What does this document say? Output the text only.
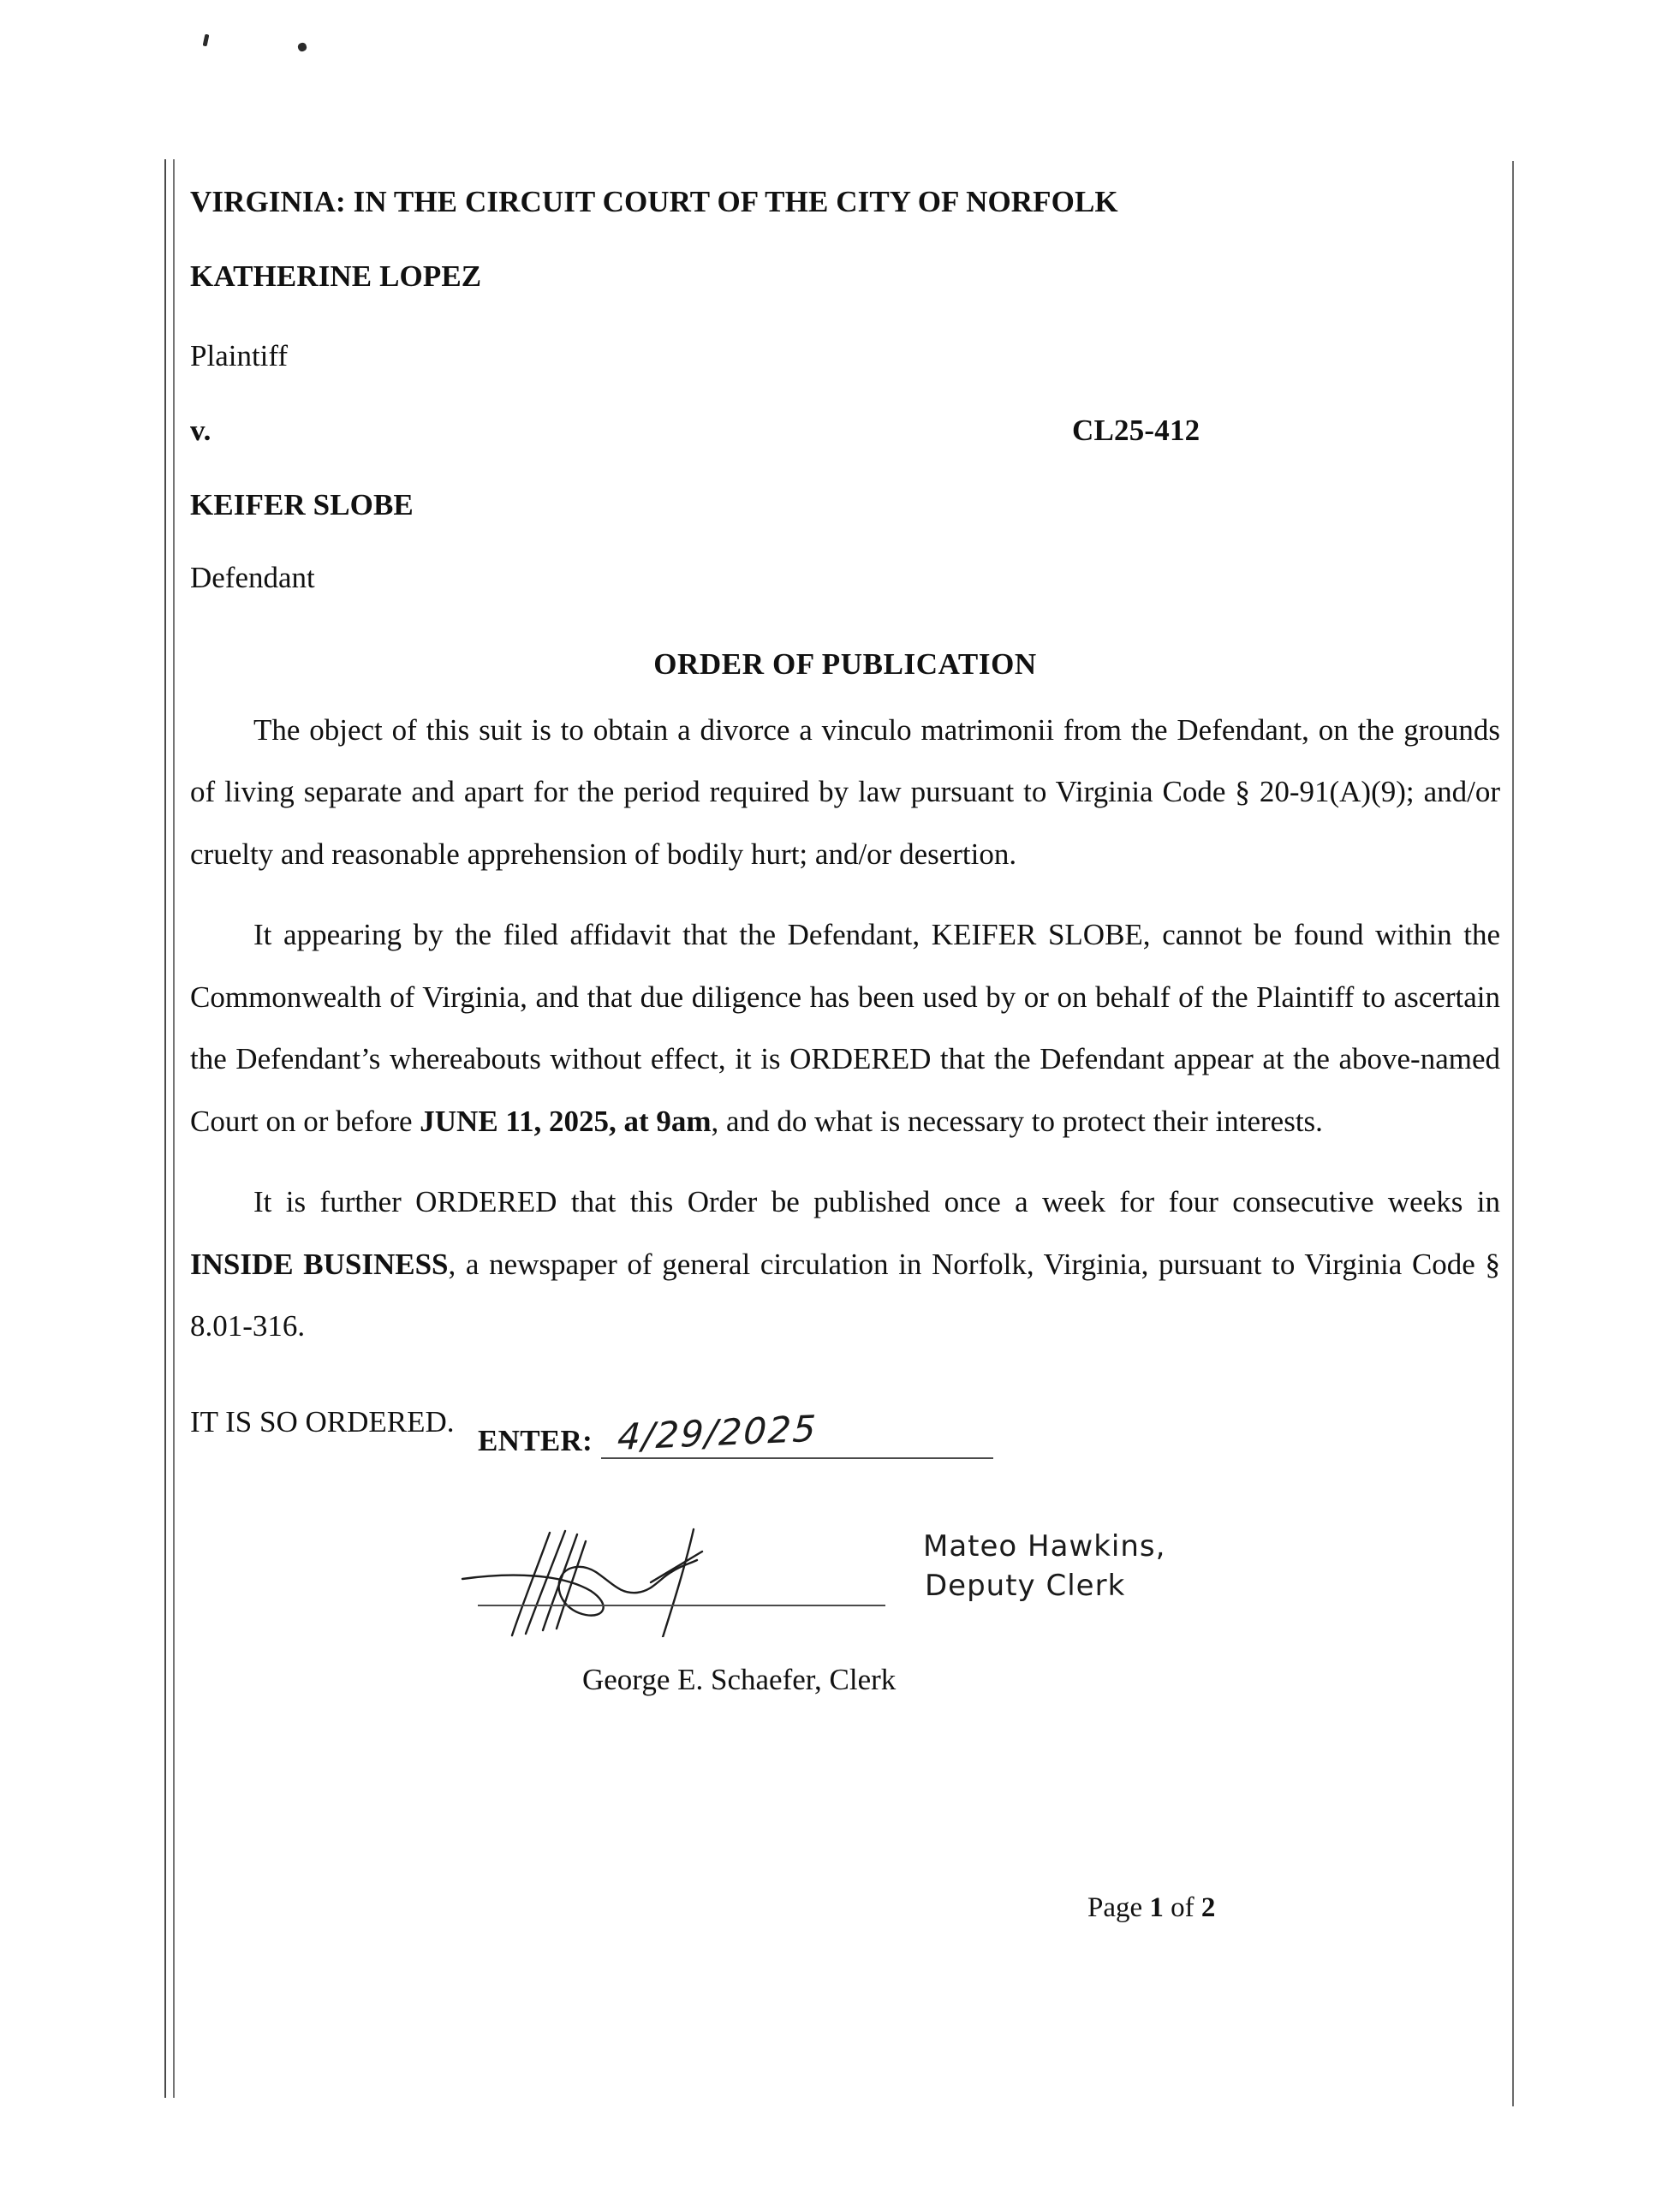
VIRGINIA: IN THE CIRCUIT COURT OF THE CITY OF NORFOLK

KATHERINE LOPEZ

Plaintiff

v.	CL25-412

KEIFER SLOBE

Defendant

ORDER OF PUBLICATION

The object of this suit is to obtain a divorce a vinculo matrimonii from the Defendant, on the grounds of living separate and apart for the period required by law pursuant to Virginia Code § 20-91(A)(9); and/or cruelty and reasonable apprehension of bodily hurt; and/or desertion.

It appearing by the filed affidavit that the Defendant, KEIFER SLOBE, cannot be found within the Commonwealth of Virginia, and that due diligence has been used by or on behalf of the Plaintiff to ascertain the Defendant’s whereabouts without effect, it is ORDERED that the Defendant appear at the above-named Court on or before JUNE 11, 2025, at 9am, and do what is necessary to protect their interests.

It is further ORDERED that this Order be published once a week for four consecutive weeks in INSIDE BUSINESS, a newspaper of general circulation in Norfolk, Virginia, pursuant to Virginia Code § 8.01-316.

IT IS SO ORDERED.

ENTER: 4/29/2025
Mateo Hawkins,
Deputy Clerk
George E. Schaefer, Clerk
Page 1 of 2
